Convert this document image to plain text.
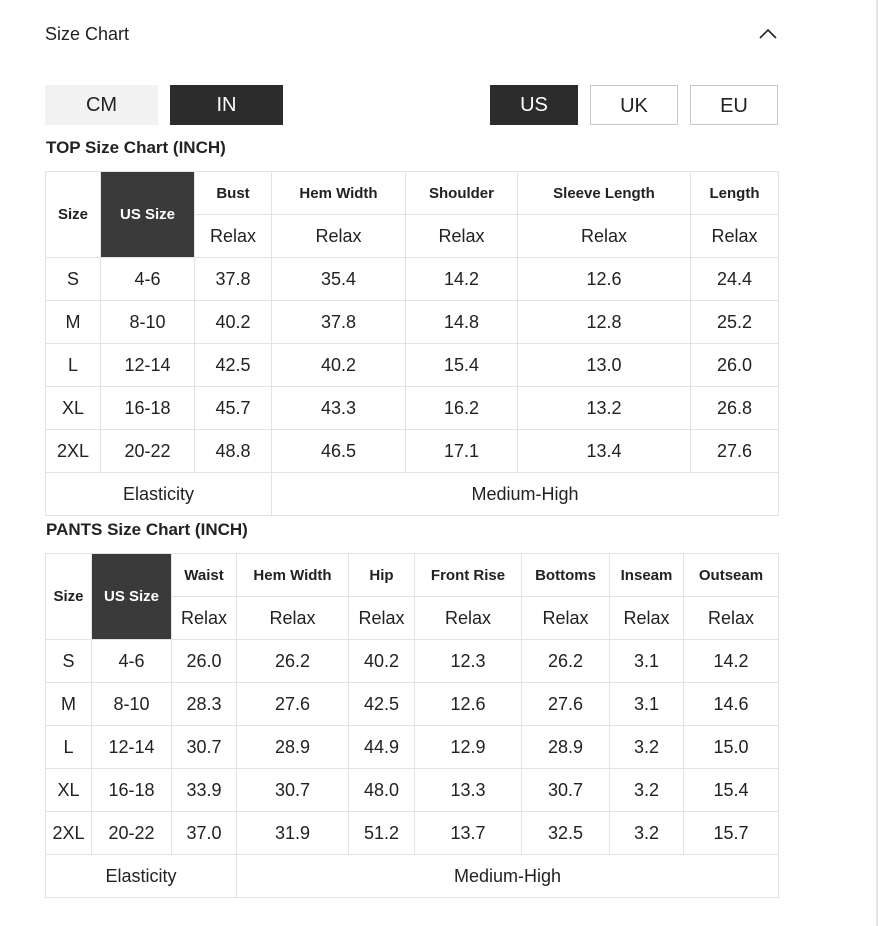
Size Chart
CM	IN	US	UK	EU
TOP Size Chart (INCH)
Size	US Size	Bust	Hem Width	Shoulder	Sleeve Length	Length
		Relax	Relax	Relax	Relax	Relax
S	4-6	37.8	35.4	14.2	12.6	24.4
M	8-10	40.2	37.8	14.8	12.8	25.2
L	12-14	42.5	40.2	15.4	13.0	26.0
XL	16-18	45.7	43.3	16.2	13.2	26.8
2XL	20-22	48.8	46.5	17.1	13.4	27.6
Elasticity			Medium-High			
PANTS Size Chart (INCH)
Size	US Size	Waist	Hem Width	Hip	Front Rise	Bottoms	Inseam	Outseam
		Relax	Relax	Relax	Relax	Relax	Relax	Relax
S	4-6	26.0	26.2	40.2	12.3	26.2	3.1	14.2
M	8-10	28.3	27.6	42.5	12.6	27.6	3.1	14.6
L	12-14	30.7	28.9	44.9	12.9	28.9	3.2	15.0
XL	16-18	33.9	30.7	48.0	13.3	30.7	3.2	15.4
2XL	20-22	37.0	31.9	51.2	13.7	32.5	3.2	15.7
Elasticity			Medium-High					
